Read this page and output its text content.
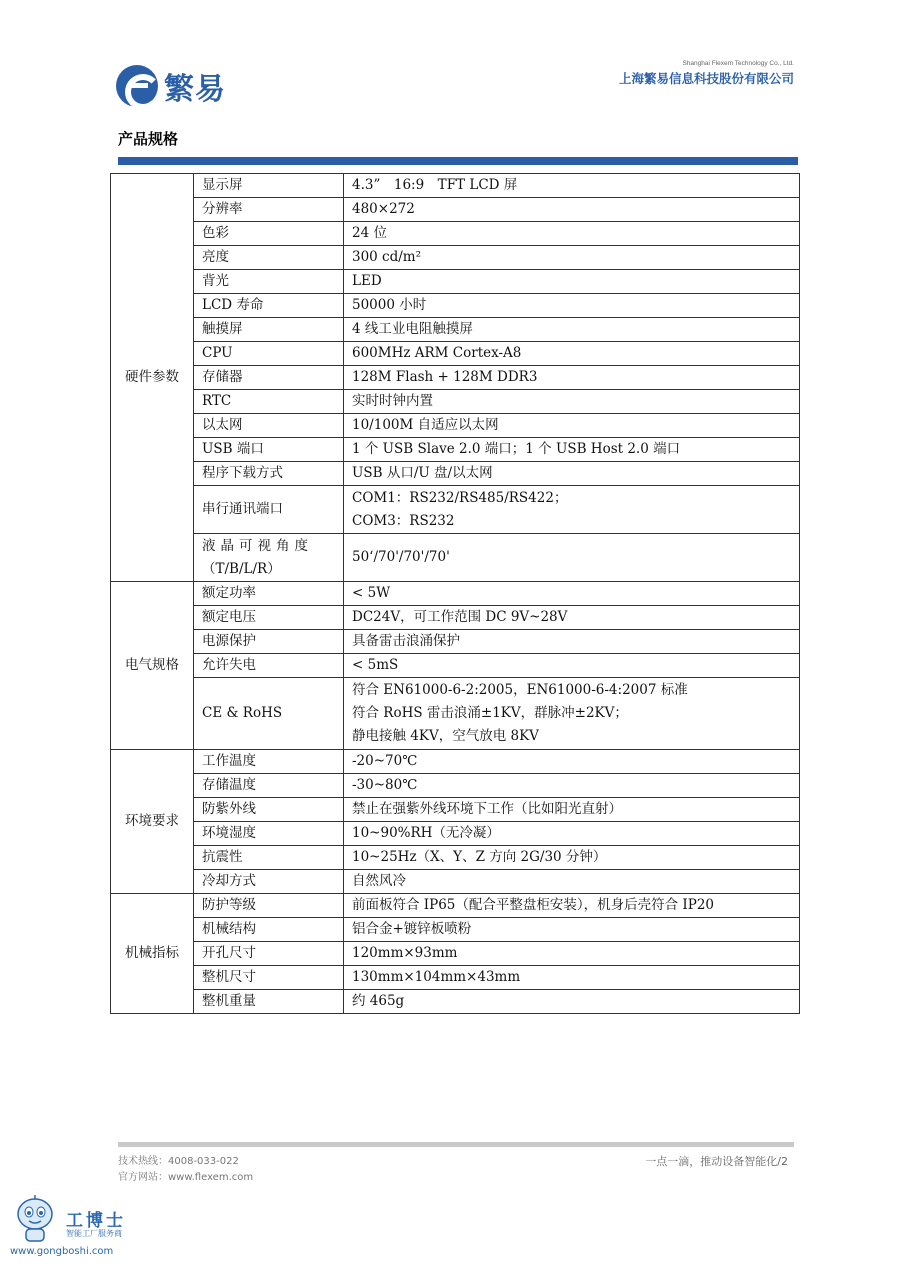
繁易
Shanghai Flexem Technology Co., Ltd.
上海繁易信息科技股份有限公司
产品规格
硬件参数	显示屏	4.3”　16:9　TFT LCD 屏
	分辨率	480×272
	色彩	24 位
	亮度	300 cd/m²
	背光	LED
	LCD 寿命	50000 小时
	触摸屏	4 线工业电阻触摸屏
	CPU	600MHz ARM Cortex-A8
	存储器	128M Flash + 128M DDR3
	RTC	实时时钟内置
	以太网	10/100M 自适应以太网
	USB 端口	1 个 USB Slave 2.0 端口；1 个 USB Host 2.0 端口
	程序下载方式	USB 从口/U 盘/以太网
	串行通讯端口	COM1：RS232/RS485/RS422；
COM3：RS232

	液晶可视角度
（T/B/L/R）	50‘/70'/70'/70'
电气规格	额定功率	< 5W
	额定电压	DC24V，可工作范围 DC 9V~28V
	电源保护	具备雷击浪涌保护
	允许失电	< 5mS
	CE & RoHS	符合 EN61000-6-2:2005，EN61000-6-4:2007 标准
符合 RoHS 雷击浪涌±1KV，群脉冲±2KV；
静电接触 4KV，空气放电 8KV

环境要求	工作温度	-20~70℃
	存储温度	-30~80℃
	防紫外线	禁止在强紫外线环境下工作（比如阳光直射）
	环境湿度	10~90%RH（无冷凝）
	抗震性	10~25Hz（X、Y、Z 方向 2G/30 分钟）
	冷却方式	自然风冷
机械指标	防护等级	前面板符合 IP65（配合平整盘柜安装），机身后壳符合 IP20
	机械结构	铝合金+镀锌板喷粉
	开孔尺寸	120mm×93mm
	整机尺寸	130mm×104mm×43mm
	整机重量	约 465g
技术热线：4008-033-022
官方网站：www.flexem.com
一点一滴，推动设备智能化/2
工博士
智能工厂服务商
www.gongboshi.com
